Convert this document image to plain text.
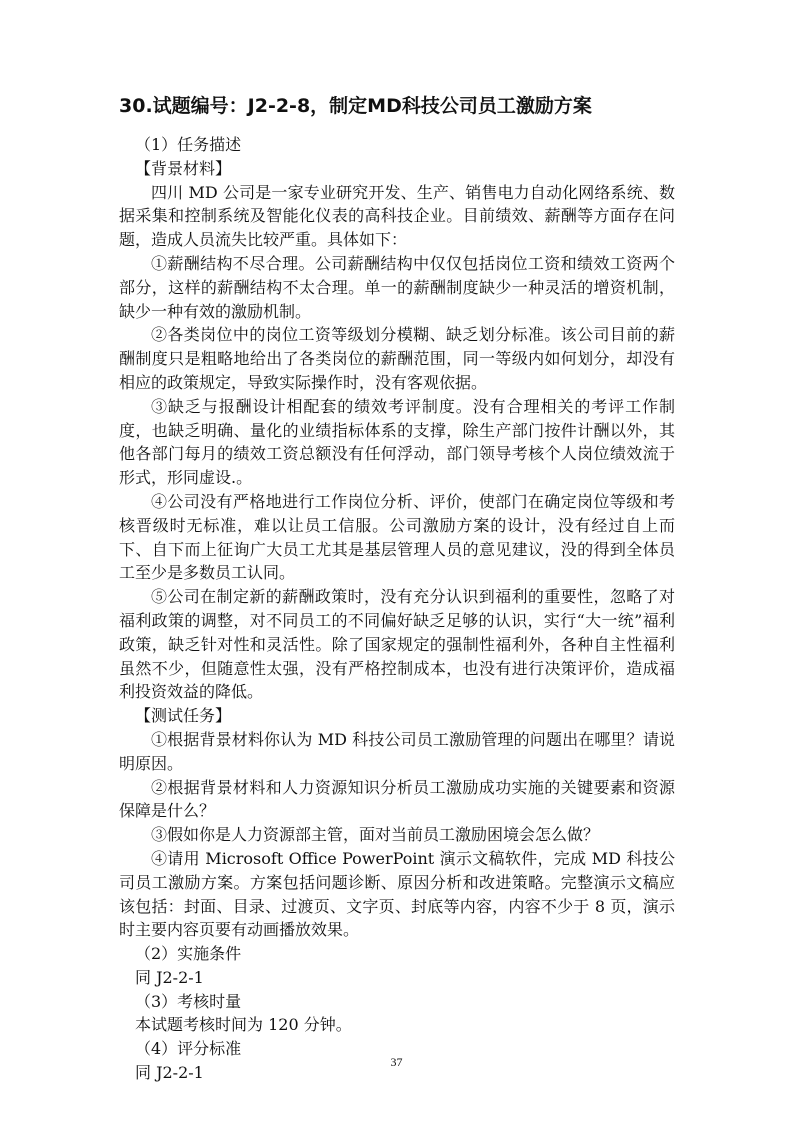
30.试题编号：J2-2-8，制定MD科技公司员工激励方案

（1）任务描述

【背景材料】

四川 MD 公司是一家专业研究开发、生产、销售电力自动化网络系统、数据采集和控制系统及智能化仪表的高科技企业。目前绩效、薪酬等方面存在问题，造成人员流失比较严重。具体如下：

①薪酬结构不尽合理。公司薪酬结构中仅仅包括岗位工资和绩效工资两个部分，这样的薪酬结构不太合理。单一的薪酬制度缺少一种灵活的增资机制，缺少一种有效的激励机制。

②各类岗位中的岗位工资等级划分模糊、缺乏划分标准。该公司目前的薪酬制度只是粗略地给出了各类岗位的薪酬范围，同一等级内如何划分，却没有相应的政策规定，导致实际操作时，没有客观依据。

③缺乏与报酬设计相配套的绩效考评制度。没有合理相关的考评工作制度，也缺乏明确、量化的业绩指标体系的支撑，除生产部门按件计酬以外，其他各部门每月的绩效工资总额没有任何浮动，部门领导考核个人岗位绩效流于形式，形同虚设.。

④公司没有严格地进行工作岗位分析、评价，使部门在确定岗位等级和考核晋级时无标准，难以让员工信服。公司激励方案的设计，没有经过自上而下、自下而上征询广大员工尤其是基层管理人员的意见建议，没的得到全体员工至少是多数员工认同。

⑤公司在制定新的薪酬政策时，没有充分认识到福利的重要性，忽略了对福利政策的调整，对不同员工的不同偏好缺乏足够的认识，实行“大一统”福利政策，缺乏针对性和灵活性。除了国家规定的强制性福利外，各种自主性福利虽然不少，但随意性太强，没有严格控制成本，也没有进行决策评价，造成福利投资效益的降低。

【测试任务】

①根据背景材料你认为 MD 科技公司员工激励管理的问题出在哪里？请说明原因。

②根据背景材料和人力资源知识分析员工激励成功实施的关键要素和资源保障是什么？

③假如你是人力资源部主管，面对当前员工激励困境会怎么做？

④请用 Microsoft Office PowerPoint 演示文稿软件，完成 MD 科技公司员工激励方案。方案包括问题诊断、原因分析和改进策略。完整演示文稿应该包括：封面、目录、过渡页、文字页、封底等内容，内容不少于 8 页，演示时主要内容页要有动画播放效果。

（2）实施条件

同 J2-2-1

（3）考核时量

本试题考核时间为 120 分钟。

（4）评分标准

同 J2-2-1

37
